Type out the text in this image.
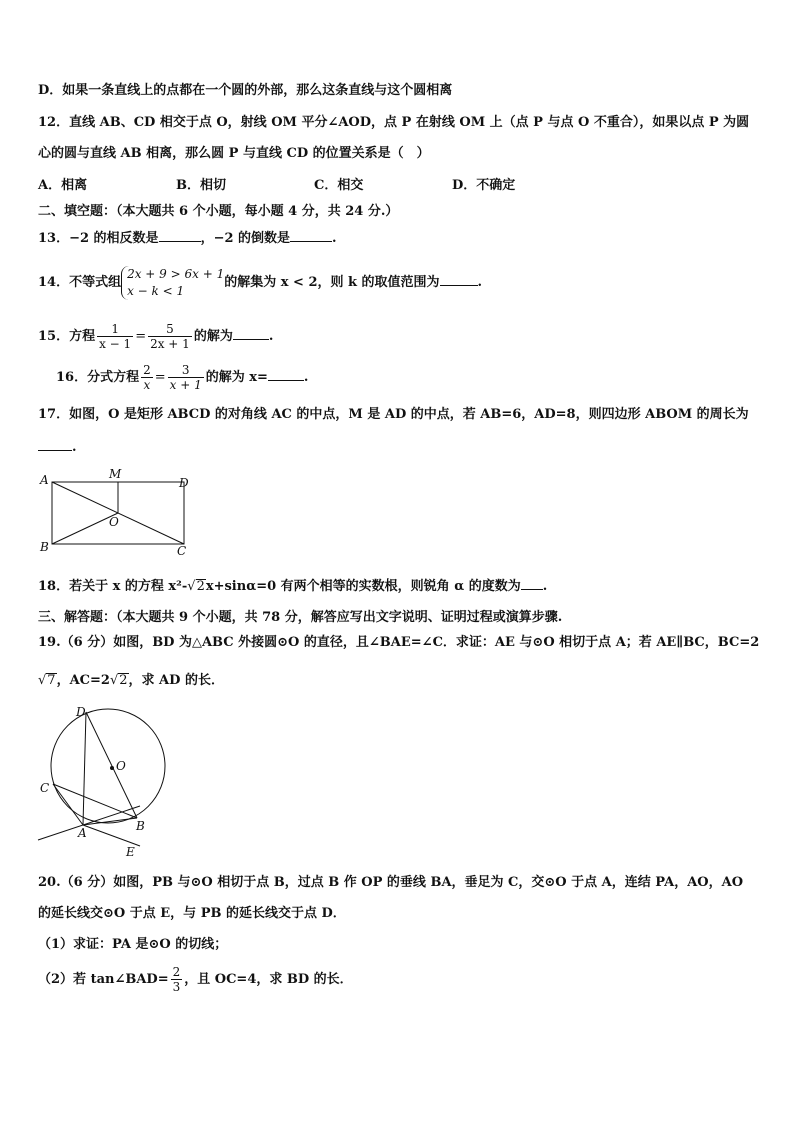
D．如果一条直线上的点都在一个圆的外部，那么这条直线与这个圆相离
12．直线 AB、CD 相交于点 O，射线 OM 平分∠AOD，点 P 在射线 OM 上（点 P 与点 O 不重合），如果以点 P 为圆
心的圆与直线 AB 相离，那么圆 P 与直线 CD 的位置关系是（　）
A．相离	B．相切	C．相交	D．不确定
二、填空题：（本大题共 6 个小题，每小题 4 分，共 24 分.）
13．−2 的相反数是	，−2 的倒数是	.
14．不等式组
2x + 9 > 6x + 1
x − k < 1
的解集为 x < 2，则 k 的取值范围为	.
15．方程 $\frac{1}{x - 1} = \frac{5}{2x + 1}$ 的解为	.
16．分式方程 $\frac{2}{x} = \frac{3}{x + 1}$ 的解为 x=	.
17．如图，O 是矩形 ABCD 的对角线 AC 的中点，M 是 AD 的中点，若 AB=6，AD=8，则四边形 ABOM 的周长为
.
A	M
D
O
B	C
18．若关于 x 的方程 x²-√2x+sinα=0 有两个相等的实数根，则锐角 α 的度数为 .
三、解答题：（本大题共 9 个小题，共 78 分，解答应写出文字说明、证明过程或演算步骤.
19.（6 分）如图，BD 为△ABC 外接圆⊙O 的直径，且∠BAE=∠C．求证：AE 与⊙O 相切于点 A；若 AE∥BC，BC=2
√7，AC=2√2，求 AD 的长．
D
O
C
A	B
E
20.（6 分）如图，PB 与⊙O 相切于点 B，过点 B 作 OP 的垂线 BA，垂足为 C，交⊙O 于点 A，连结 PA，AO，AO
的延长线交⊙O 于点 E，与 PB 的延长线交于点 D．
（1）求证：PA 是⊙O 的切线；
（2）若 tan∠BAD= $\frac{2}{3}$ ，且 OC=4，求 BD 的长．
